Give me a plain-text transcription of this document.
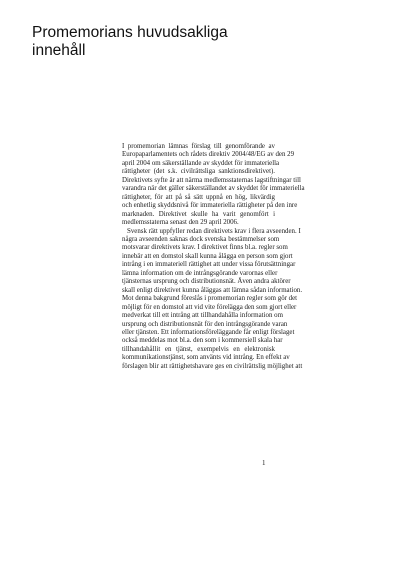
Promemorians huvudsakliga
innehåll

I promemorian lämnas förslag till genomförande av
Europaparlamentets och rådets direktiv 2004/48/EG av den 29
april 2004 om säkerställande av skyddet för immateriella
rättigheter (det s.k. civilrättsliga sanktionsdirektivet).
Direktivets syfte är att närma medlemsstaternas lagstiftningar till
varandra när det gäller säkerställandet av skyddet för immateriella
rättigheter, för att på så sätt uppnå en hög, likvärdig
och enhetlig skyddsnivå för immateriella rättigheter på den inre
marknaden. Direktivet skulle ha varit genomfört i
medlemsstaterna senast den 29 april 2006.

Svensk rätt uppfyller redan direktivets krav i flera avseenden. I
några avseenden saknas dock svenska bestämmelser som
motsvarar direktivets krav. I direktivet finns bl.a. regler som
innebär att en domstol skall kunna ålägga en person som gjort
intrång i en immateriell rättighet att under vissa förutsättningar
lämna information om de intrångsgörande varornas eller
tjänsternas ursprung och distributionsnät. Även andra aktörer
skall enligt direktivet kunna åläggas att lämna sådan information.
Mot denna bakgrund föreslås i promemorian regler som gör det
möjligt för en domstol att vid vite förelägga den som gjort eller
medverkat till ett intrång att tillhandahålla information om
ursprung och distributionsnät för den intrångsgörande varan
eller tjänsten. Ett informationsföreläggande får enligt förslaget
också meddelas mot bl.a. den som i kommersiell skala har
tillhandahållit en tjänst, exempelvis en elektronisk
kommunikationstjänst, som använts vid intrång. En effekt av
förslagen blir att rättighetshavare ges en civilrättslig möjlighet att

1
